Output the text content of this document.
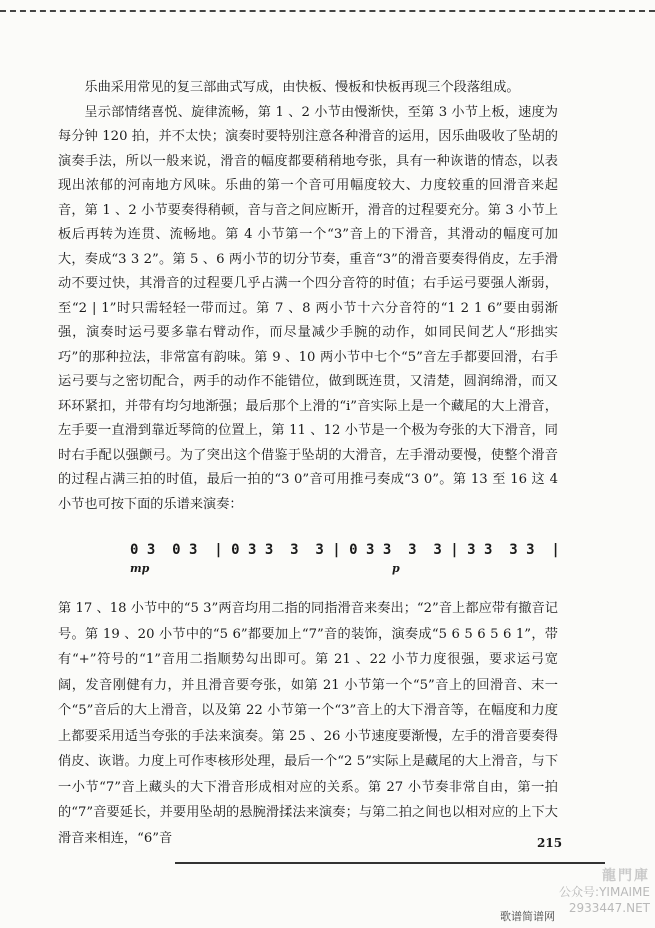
乐曲采用常见的复三部曲式写成，由快板、慢板和快板再现三个段落组成。

呈示部情绪喜悦、旋律流畅，第 1 、2 小节由慢渐快，至第 3 小节上板，速度为每分钟 120 拍，并不太快；演奏时要特别注意各种滑音的运用，因乐曲吸收了坠胡的演奏手法，所以一般来说，滑音的幅度都要稍稍地夸张，具有一种诙谐的情态，以表现出浓郁的河南地方风味。乐曲的第一个音可用幅度较大、力度较重的回滑音来起音，第 1 、2 小节要奏得稍顿，音与音之间应断开，滑音的过程要充分。第 3 小节上板后再转为连贯、流畅地。第 4 小节第一个“3”音上的下滑音，其滑动的幅度可加大，奏成“3 3 2”。第 5 、6 两小节的切分节奏，重音“3”的滑音要奏得俏皮，左手滑动不要过快，其滑音的过程要几乎占满一个四分音符的时值；右手运弓要强人渐弱，至“2 | 1”时只需轻轻一带而过。第 7 、8 两小节十六分音符的“1 2 1 6”要由弱渐强，演奏时运弓要多靠右臂动作，而尽量减少手腕的动作，如同民间艺人“形拙实巧”的那种拉法，非常富有韵味。第 9 、10 两小节中七个“5”音左手都要回滑，右手运弓要与之密切配合，两手的动作不能错位，做到既连贯，又清楚，圆润绵滑，而又环环紧扣，并带有均匀地渐强；最后那个上滑的“i”音实际上是一个藏尾的大上滑音，左手要一直滑到靠近琴筒的位置上，第 11 、12 小节是一个极为夸张的大下滑音，同时右手配以强颤弓。为了突出这个借鉴于坠胡的大滑音，左手滑动要慢，使整个滑音的过程占满三拍的时值，最后一拍的“3 0”音可用推弓奏成“3 0”。第 13 至 16 这 4 小节也可按下面的乐谱来演奏：

0 3  0 3  | 0 3 3  3  3 | 0 3 3  3  3 | 3 3  3 3  |
mp	p

第 17 、18 小节中的“5 3”两音均用二指的同指滑音来奏出；“2”音上都应带有撤音记号。第 19 、20 小节中的“5 6”都要加上“7”音的装饰，演奏成“5 6 5 6 5 6 1”，带有“+”符号的“1”音用二指顺势勾出即可。第 21 、22 小节力度很强，要求运弓宽阔，发音刚健有力，并且滑音要夸张，如第 21 小节第一个“5”音上的回滑音、末一个“5”音后的大上滑音，以及第 22 小节第一个“3”音上的大下滑音等，在幅度和力度上都要采用适当夸张的手法来演奏。第 25 、26 小节速度要渐慢，左手的滑音要奏得俏皮、诙谐。力度上可作枣核形处理，最后一个“2 5”实际上是藏尾的大上滑音，与下一小节“7”音上藏头的大下滑音形成相对应的关系。第 27 小节奏非常自由，第一拍的“7”音要延长，并要用坠胡的悬腕滑揉法来演奏；与第二拍之间也以相对应的上下大滑音来相连，“6”音	215
龍門庫
公众号:YIMAIME
2933447.NET
歌谱简谱网
